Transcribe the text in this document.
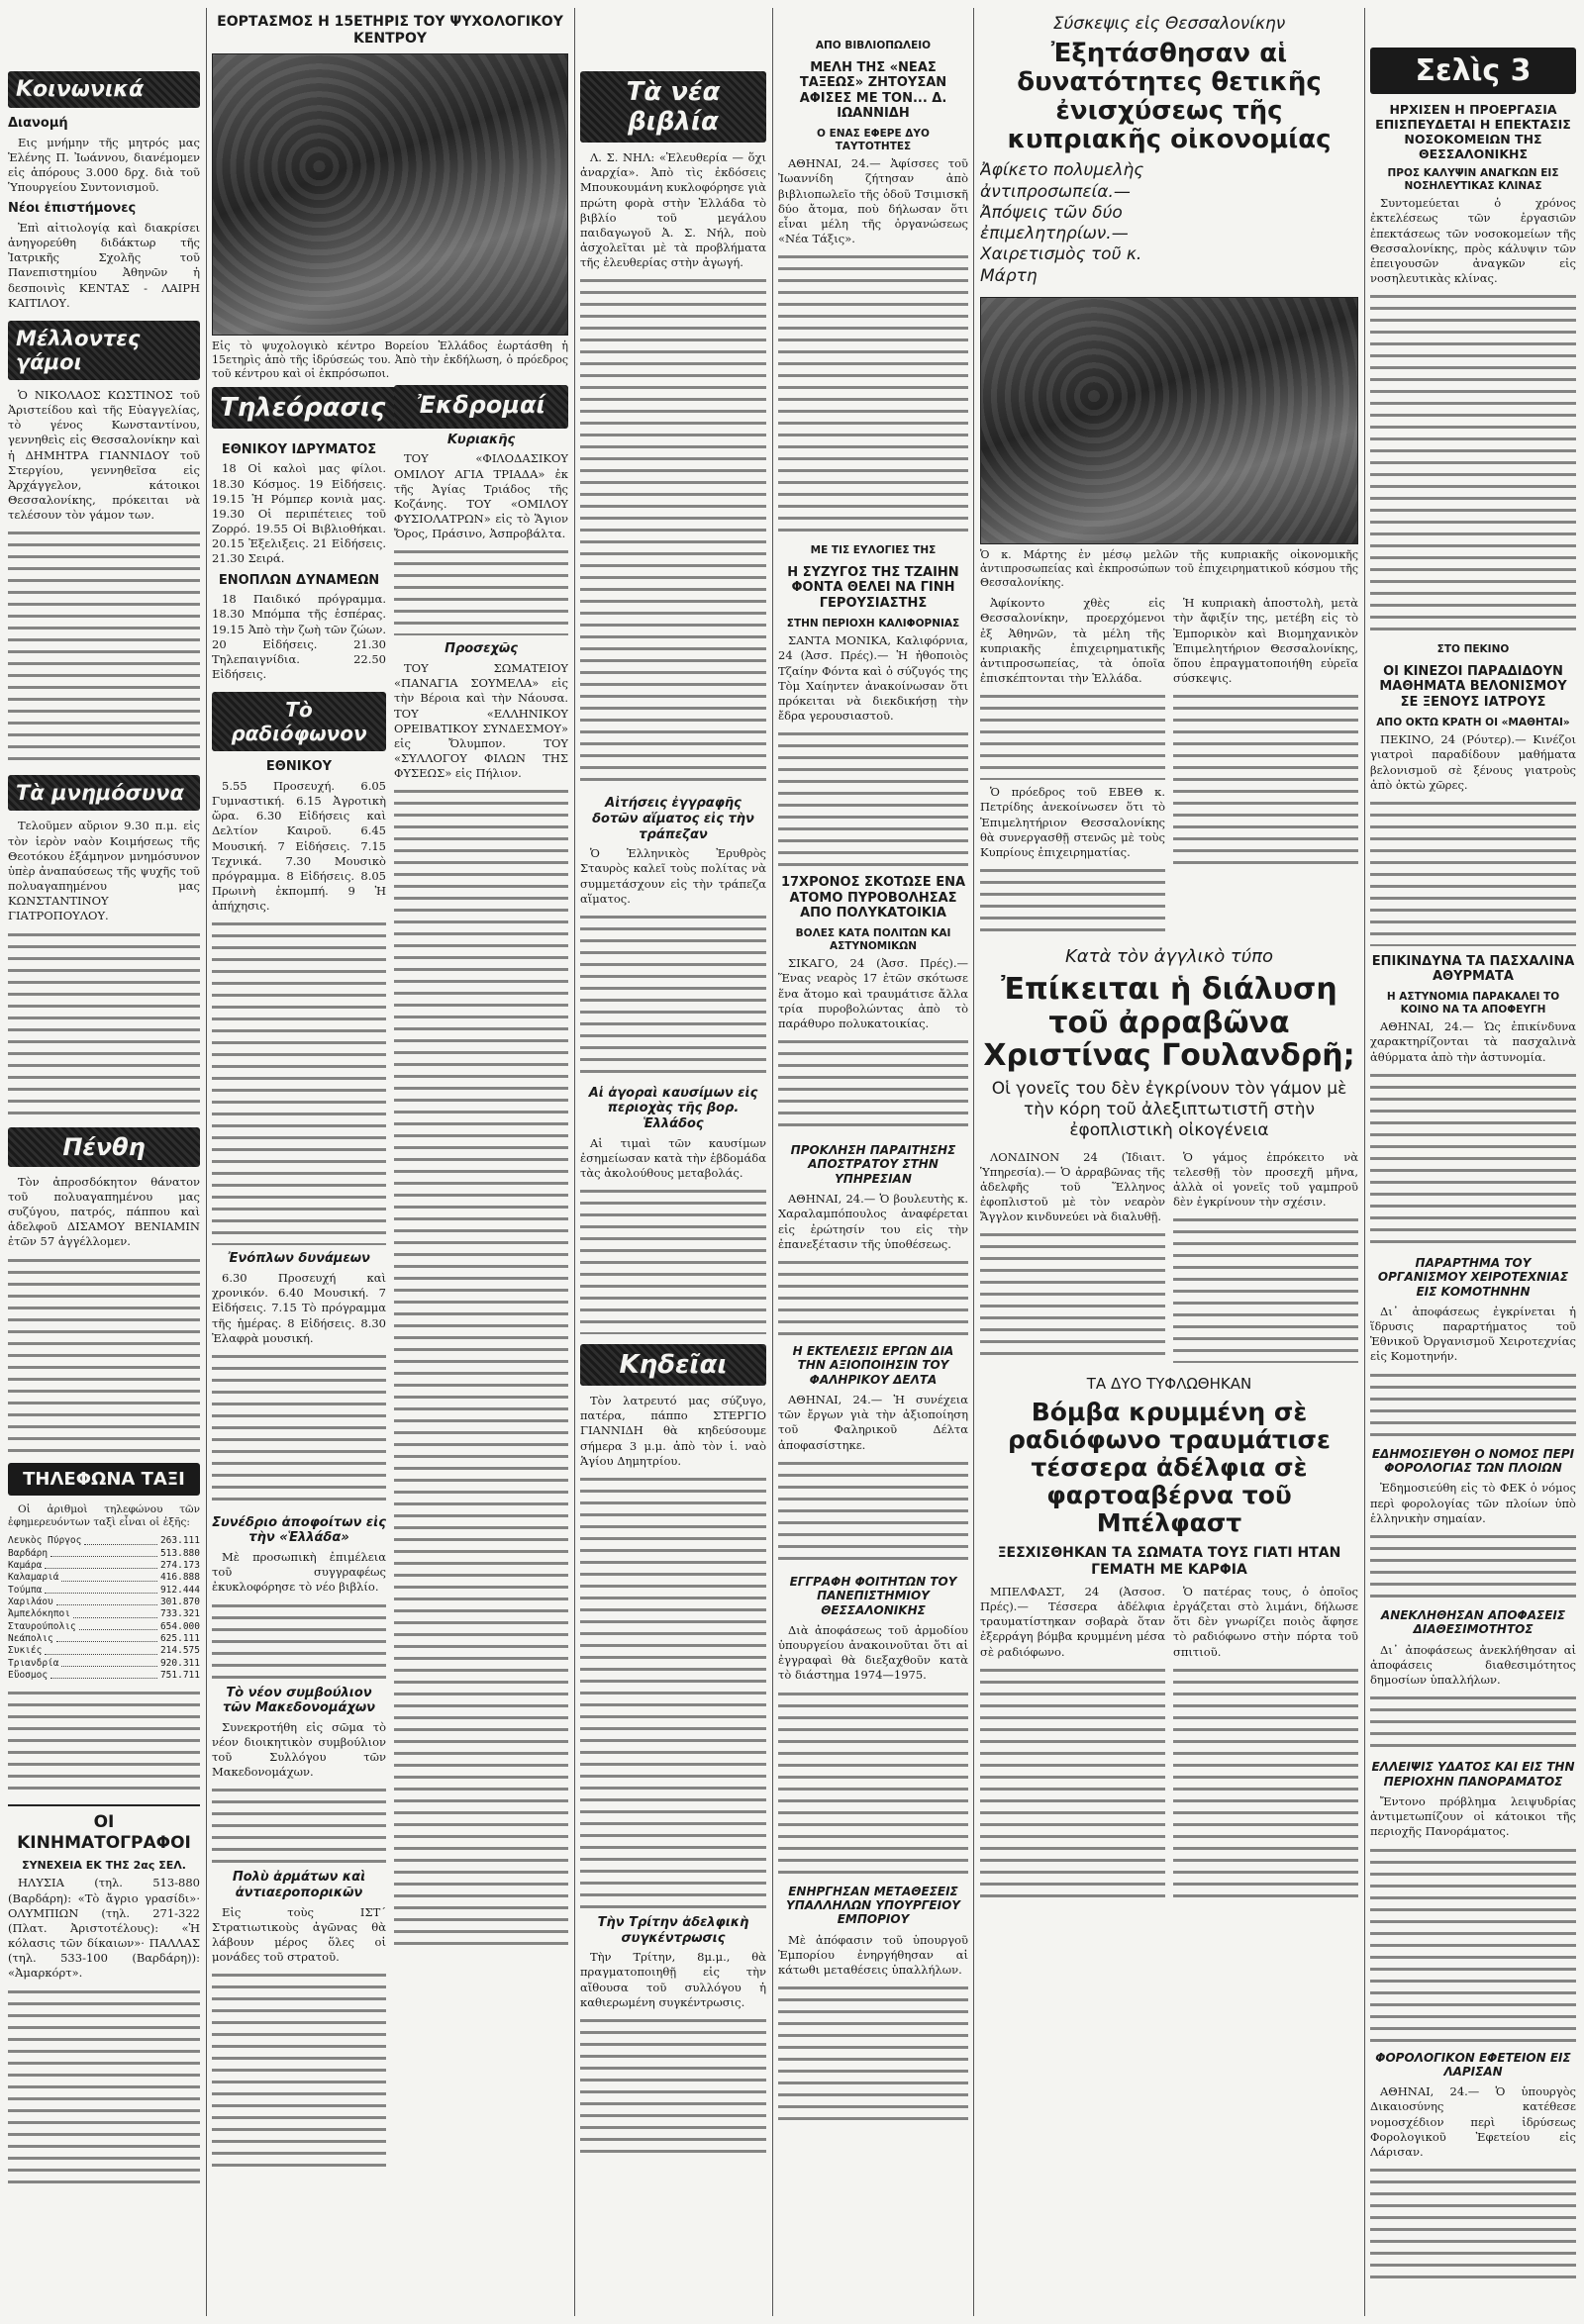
Κοινωνικά
Διανομή
Εις μνήμην τῆς μητρός μας Ἑλένης Π. Ἰωάννου, διανέμομεν εἰς ἀπόρους 3.000 δρχ. διὰ τοῦ Ὑπουργείου Συντονισμοῦ.
Νέοι ἐπιστήμονες
Ἐπὶ αἰτιολογίᾳ καὶ διακρίσει ἀνηγορεύθη διδάκτωρ τῆς Ἰατρικῆς Σχολῆς τοῦ Πανεπιστημίου Ἀθηνῶν ἡ δεσποινὶς ΚΕΝΤΑΣ - ΛΑΙΡΗ ΚΑΙΤΙΛΟΥ.
Μέλλοντες γάμοι
Ὁ ΝΙΚΟΛΑΟΣ ΚΩΣΤΙΝΟΣ τοῦ Ἀριστείδου καὶ τῆς Εὐαγγελίας, τὸ γένος Κωνσταντίνου, γεννηθεὶς εἰς Θεσσαλονίκην καὶ ἡ ΔΗΜΗΤΡΑ ΓΙΑΝΝΙΔΟΥ τοῦ Στεργίου, γεννηθεῖσα εἰς Ἀρχάγγελον, κάτοικοι Θεσσαλονίκης, πρόκειται νὰ τελέσουν τὸν γάμον των.
Τὰ μνημόσυνα
Τελοῦμεν αὔριον 9.30 π.μ. εἰς τὸν ἱερὸν ναὸν Κοιμήσεως τῆς Θεοτόκου ἑξάμηνον μνημόσυνον ὑπὲρ ἀναπαύσεως τῆς ψυχῆς τοῦ πολυαγαπημένου μας ΚΩΝΣΤΑΝΤΙΝΟΥ ΓΙΑΤΡΟΠΟΥΛΟΥ.
Πένθη
Τὸν ἀπροσδόκητον θάνατον τοῦ πολυαγαπημένου μας συζύγου, πατρός, πάππου καὶ ἀδελφοῦ ΔΙΣΑΜΟΥ ΒΕΝΙΑΜΙΝ ἐτῶν 57 ἀγγέλλομεν.
ΤΗΛΕΦΩΝΑ ΤΑΞΙ
Οἱ ἀριθμοὶ τηλεφώνου τῶν ἐφημερευόντων ταξὶ εἶναι οἱ ἑξῆς:
Λευκὸς Πύργος	263.111
Βαρδάρη	513.880
Καμάρα	274.173
Καλαμαριά	416.888
Τούμπα	912.444
Χαριλάου	301.870
Ἀμπελόκηποι	733.321
Σταυρούπολις	654.000
Νεάπολις	625.111
Συκιές	214.575
Τριανδρία	920.311
Εὔοσμος	751.711
ΟΙ ΚΙΝΗΜΑΤΟΓΡΑΦΟΙ
ΣΥΝΕΧΕΙΑ ΕΚ ΤΗΣ 2ας ΣΕΛ.
ΗΛΥΣΙΑ (τηλ. 513-880 (Βαρδάρη): «Τὸ ἄγριο γρασίδι»· ΟΛΥΜΠΙΩΝ (τηλ. 271-322 (Πλατ. Ἀριστοτέλους): «Ἡ κόλασις τῶν δίκαιων»· ΠΑΛΛΑΣ (τηλ. 533-100 (Βαρδάρη)): «Ἀμαρκόρτ».
ΕΟΡΤΑΣΜΟΣ Η 15ΕΤΗΡΙΣ ΤΟΥ ΨΥΧΟΛΟΓΙΚΟΥ ΚΕΝΤΡΟΥ
Εἰς τὸ ψυχολογικὸ κέντρο Βορείου Ἑλλάδος ἑωρτάσθη ἡ 15ετηρὶς ἀπὸ τῆς ἱδρύσεώς του. Ἀπὸ τὴν ἐκδήλωση, ὁ πρόεδρος τοῦ κέντρου καὶ οἱ ἐκπρόσωποι.
Τηλεόρασις
ΕΘΝΙΚΟΥ ΙΔΡΥΜΑΤΟΣ
18 Οἱ καλοὶ μας φίλοι. 18.30 Κόσμος. 19 Εἰδήσεις. 19.15 Ἡ Ρόμπερ κονιὰ μας. 19.30 Οἱ περιπέτειες τοῦ Ζορρό. 19.55 Οἱ Βιβλιοθήκαι. 20.15 Ἐξελιξεις. 21 Εἰδήσεις. 21.30 Σειρά.
ΕΝΟΠΛΩΝ ΔΥΝΑΜΕΩΝ
18 Παιδικό πρόγραμμα. 18.30 Μπόμπα τῆς ἑσπέρας. 19.15 Ἀπὸ τὴν ζωὴ τῶν ζώων. 20 Εἰδήσεις. 21.30 Τηλεπαιγνίδια. 22.50 Εἰδήσεις.
Τὸ ραδιόφωνον
ΕΘΝΙΚΟΥ
5.55 Προσευχή. 6.05 Γυμναστική. 6.15 Ἀγροτικὴ ὥρα. 6.30 Εἰδήσεις καὶ Δελτίον Καιροῦ. 6.45 Μουσική. 7 Εἰδήσεις. 7.15 Τεχνικά. 7.30 Μουσικὸ πρόγραμμα. 8 Εἰδήσεις. 8.05 Πρωινὴ ἐκπομπή. 9 Ἡ ἀπήχησις.
Ἐνόπλων δυνάμεων
6.30 Προσευχή καὶ χρονικόν. 6.40 Μουσική. 7 Εἰδήσεις. 7.15 Τὸ πρόγραμμα τῆς ἡμέρας. 8 Εἰδήσεις. 8.30 Ἐλαφρὰ μουσική.
Συνέδριο ἀποφοίτων εἰς τὴν «Ἑλλάδα»
Μὲ προσωπικὴ ἐπιμέλεια τοῦ συγγραφέως ἐκυκλοφόρησε τὸ νέο βιβλίο.
Τὸ νέον συμβούλιον τῶν Μακεδονομάχων
Συνεκροτήθη εἰς σῶμα τὸ νέον διοικητικὸν συμβούλιον τοῦ Συλλόγου τῶν Μακεδονομάχων.
Πολὺ ἀρμάτων καὶ ἀντιαεροπορικῶν
Εἰς τοὺς ΙΣΤ΄ Στρατιωτικοὺς ἀγῶνας θὰ λάβουν μέρος ὅλες οἱ μονάδες τοῦ στρατοῦ.
Ἐκδρομαί
Κυριακῆς
ΤΟΥ «ΦΙΛΟΔΑΣΙΚΟΥ ΟΜΙΛΟΥ ΑΓΙΑ ΤΡΙΑΔΑ» ἐκ τῆς Ἀγίας Τριάδος τῆς Κοζάνης. ΤΟΥ «ΟΜΙΛΟΥ ΦΥΣΙΟΛΑΤΡΩΝ» εἰς τὸ Ἅγιον Ὄρος, Πράσινο, Ἀσπροβάλτα.
Προσεχῶς
ΤΟΥ ΣΩΜΑΤΕΙΟΥ «ΠΑΝΑΓΙΑ ΣΟΥΜΕΛΑ» εἰς τὴν Βέροια καὶ τὴν Νάουσα. ΤΟΥ «ΕΛΛΗΝΙΚΟΥ ΟΡΕΙΒΑΤΙΚΟΥ ΣΥΝΔΕΣΜΟΥ» εἰς Ὄλυμπον. ΤΟΥ «ΣΥΛΛΟΓΟΥ ΦΙΛΩΝ ΤΗΣ ΦΥΣΕΩΣ» εἰς Πήλιον.
Τὰ νέα βιβλία
Λ. Σ. ΝΗΛ: «Ἐλευθερία — ὅχι ἀναρχία». Ἀπὸ τὶς ἐκδόσεις Μπουκουμάνη κυκλοφόρησε γιὰ πρώτη φορὰ στὴν Ἑλλάδα τὸ βιβλίο τοῦ μεγάλου παιδαγωγοῦ Ἀ. Σ. Νήλ, ποὺ ἀσχολεῖται μὲ τὰ προβλήματα τῆς ἐλευθερίας στὴν ἀγωγή.
Αἰτήσεις ἐγγραφῆς δοτῶν αἵματος εἰς τὴν τράπεζαν
Ὁ Ἑλληνικὸς Ἐρυθρὸς Σταυρὸς καλεῖ τοὺς πολίτας νὰ συμμετάσχουν εἰς τὴν τράπεζα αἵματος.
Αἱ ἀγοραὶ καυσίμων εἰς περιοχὰς τῆς βορ. Ἑλλάδος
Αἱ τιμαὶ τῶν καυσίμων ἐσημείωσαν κατὰ τὴν ἑβδομάδα τὰς ἀκολούθους μεταβολάς.
Κηδεῖαι
Τὸν λατρευτό μας σύζυγο, πατέρα, πάππο ΣΤΕΡΓΙΟ ΓΙΑΝΝΙΔΗ θὰ κηδεύσουμε σήμερα 3 μ.μ. ἀπὸ τὸν ἱ. ναὸ Ἁγίου Δημητρίου.
Τὴν Τρίτην ἀδελφικὴ συγκέντρωσις
Τὴν Τρίτην, 8μ.μ., θὰ πραγματοποιηθῇ εἰς τὴν αἴθουσα τοῦ συλλόγου ἡ καθιερωμένη συγκέντρωσις.
ΑΠΟ ΒΙΒΛΙΟΠΩΛΕΙΟ
ΜΕΛΗ ΤΗΣ «ΝΕΑΣ ΤΑΞΕΩΣ» ΖΗΤΟΥΣΑΝ ΑΦΙΣΕΣ ΜΕ ΤΟΝ... Δ. ΙΩΑΝΝΙΔΗ
Ο ΕΝΑΣ ΕΦΕΡΕ ΔΥΟ ΤΑΥΤΟΤΗΤΕΣ
ΑΘΗΝΑΙ, 24.— Ἀφίσσες τοῦ Ἰωαννίδη ζήτησαν ἀπὸ βιβλιοπωλεῖο τῆς ὁδοῦ Τσιμισκῆ δύο ἄτομα, ποὺ δήλωσαν ὅτι εἶναι μέλη τῆς ὀργανώσεως «Νέα Τάξις».
ΜΕ ΤΙΣ ΕΥΛΟΓΙΕΣ ΤΗΣ
Η ΣΥΖΥΓΟΣ ΤΗΣ ΤΖΑΙΗΝ ΦΟΝΤΑ ΘΕΛΕΙ ΝΑ ΓΙΝΗ ΓΕΡΟΥΣΙΑΣΤΗΣ
ΣΤΗΝ ΠΕΡΙΟΧΗ ΚΑΛΙΦΟΡΝΙΑΣ
ΣΑΝΤΑ ΜΟΝΙΚΑ, Καλιφόρνια, 24 (Ἀσσ. Πρές).— Ἡ ἠθοποιὸς Τζαίην Φόντα καὶ ὁ σύζυγός της Τὸμ Χαίηντεν ἀνακοίνωσαν ὅτι πρόκειται νὰ διεκδικήσῃ τὴν ἔδρα γερουσιαστοῦ.
17ΧΡΟΝΟΣ ΣΚΟΤΩΣΕ ΕΝΑ ΑΤΟΜΟ ΠΥΡΟΒΟΛΗΣΑΣ ΑΠΟ ΠΟΛΥΚΑΤΟΙΚΙΑ
ΒΟΛΕΣ ΚΑΤΑ ΠΟΛΙΤΩΝ ΚΑΙ ΑΣΤΥΝΟΜΙΚΩΝ
ΣΙΚΑΓΟ, 24 (Ἀσσ. Πρές).— Ἕνας νεαρὸς 17 ἐτῶν σκότωσε ἕνα ἄτομο καὶ τραυμάτισε ἄλλα τρία πυροβολώντας ἀπὸ τὸ παράθυρο πολυκατοικίας.
ΠΡΟΚΛΗΣΗ ΠΑΡΑΙΤΗΣΗΣ ΑΠΟΣΤΡΑΤΟΥ ΣΤΗΝ ΥΠΗΡΕΣΙΑΝ
ΑΘΗΝΑΙ, 24.— Ὁ βουλευτὴς κ. Χαραλαμπόπουλος ἀναφέρεται εἰς ἐρώτησίν του εἰς τὴν ἐπανεξέτασιν τῆς ὑποθέσεως.
Η ΕΚΤΕΛΕΣΙΣ ΕΡΓΩΝ ΔΙΑ ΤΗΝ ΑΞΙΟΠΟΙΗΣΙΝ ΤΟΥ ΦΑΛΗΡΙΚΟΥ ΔΕΛΤΑ
ΑΘΗΝΑΙ, 24.— Ἡ συνέχεια τῶν ἔργων γιὰ τὴν ἀξιοποίηση τοῦ Φαληρικοῦ Δέλτα ἀποφασίστηκε.
ΕΓΓΡΑΦΗ ΦΟΙΤΗΤΩΝ ΤΟΥ ΠΑΝΕΠΙΣΤΗΜΙΟΥ ΘΕΣΣΑΛΟΝΙΚΗΣ
Διὰ ἀποφάσεως τοῦ ἁρμοδίου ὑπουργείου ἀνακοινοῦται ὅτι αἱ ἐγγραφαὶ θὰ διεξαχθοῦν κατὰ τὸ διάστημα 1974—1975.
ΕΝΗΡΓΗΣΑΝ ΜΕΤΑΘΕΣΕΙΣ ΥΠΑΛΛΗΛΩΝ ΥΠΟΥΡΓΕΙΟΥ ΕΜΠΟΡΙΟΥ
Μὲ ἀπόφασιν τοῦ ὑπουργοῦ Ἐμπορίου ἐνηργήθησαν αἱ κάτωθι μεταθέσεις ὑπαλλήλων.
Σύσκεψις εἰς Θεσσαλονίκην
Ἐξητάσθησαν αἱ δυνατότητες θετικῆς ἐνισχύσεως τῆς κυπριακῆς οἰκονομίας
Ἀφίκετο πολυμελὴς ἀντιπροσωπεία.— Ἀπόψεις τῶν δύο ἐπιμελητηρίων.— Χαιρετισμὸς τοῦ κ. Μάρτη
Ὁ κ. Μάρτης ἐν μέσῳ μελῶν τῆς κυπριακῆς οἰκονομικῆς ἀντιπροσωπείας καὶ ἐκπροσώπων τοῦ ἐπιχειρηματικοῦ κόσμου τῆς Θεσσαλονίκης.
Ἀφίκοντο χθὲς εἰς Θεσσαλονίκην, προερχόμενοι ἐξ Ἀθηνῶν, τὰ μέλη τῆς κυπριακῆς ἐπιχειρηματικῆς ἀντιπροσωπείας, τὰ ὁποῖα ἐπισκέπτονται τὴν Ἑλλάδα.
Ὁ πρόεδρος τοῦ ΕΒΕΘ κ. Πετρίδης ἀνεκοίνωσεν ὅτι τὸ Ἐπιμελητήριον Θεσσαλονίκης θὰ συνεργασθῇ στενῶς μὲ τοὺς Κυπρίους ἐπιχειρηματίας.
Ἡ κυπριακὴ ἀποστολὴ, μετὰ τὴν ἄφιξίν της, μετέβη εἰς τὸ Ἐμπορικὸν καὶ Βιομηχανικὸν Ἐπιμελητήριον Θεσσαλονίκης, ὅπου ἐπραγματοποιήθη εὐρεῖα σύσκεψις.
Κατὰ τὸν ἀγγλικὸ τύπο
Ἐπίκειται ἡ διάλυση τοῦ ἀρραβῶνα Χριστίνας Γουλανδρῆ;
Οἱ γονεῖς του δὲν ἐγκρίνουν τὸν γάμον μὲ τὴν κόρη τοῦ ἀλεξιπτωτιστῆ στὴν ἐφοπλιστικὴ οἰκογένεια
ΛΟΝΔΙΝΟΝ 24 (Ἰδιαιτ. Ὑπηρεσία).— Ὁ ἀρραβῶνας τῆς ἀδελφῆς τοῦ Ἕλληνος ἐφοπλιστοῦ μὲ τὸν νεαρὸν Ἄγγλον κινδυνεύει νὰ διαλυθῇ.
Ὁ γάμος ἐπρόκειτο νὰ τελεσθῇ τὸν προσεχῆ μῆνα, ἀλλὰ οἱ γονεῖς τοῦ γαμπροῦ δὲν ἐγκρίνουν τὴν σχέσιν.
ΤΑ ΔΥΟ ΤΥΦΛΩΘΗΚΑΝ
Βόμβα κρυμμένη σὲ ραδιόφωνο τραυμάτισε τέσσερα ἀδέλφια σὲ φαρτοαβέρνα τοῦ Μπέλφαστ
ΞΕΣΧΙΣΘΗΚΑΝ ΤΑ ΣΩΜΑΤΑ ΤΟΥΣ ΓΙΑΤΙ ΗΤΑΝ ΓΕΜΑΤΗ ΜΕ ΚΑΡΦΙΑ
ΜΠΕΛΦΑΣΤ, 24 (Ἀσσοσ. Πρές).— Τέσσερα ἀδέλφια τραυματίστηκαν σοβαρὰ ὅταν ἐξερράγη βόμβα κρυμμένη μέσα σὲ ραδιόφωνο.
Ὁ πατέρας τους, ὁ ὁποῖος ἐργάζεται στὸ λιμάνι, δήλωσε ὅτι δὲν γνωρίζει ποιὸς ἄφησε τὸ ραδιόφωνο στὴν πόρτα τοῦ σπιτιοῦ.
Σελὶς 3
ΗΡΧΙΣΕΝ Η ΠΡΟΕΡΓΑΣΙΑ ΕΠΙΣΠΕΥΔΕΤΑΙ Η ΕΠΕΚΤΑΣΙΣ ΝΟΣΟΚΟΜΕΙΩΝ ΤΗΣ ΘΕΣΣΑΛΟΝΙΚΗΣ
ΠΡΟΣ ΚΑΛΥΨΙΝ ΑΝΑΓΚΩΝ ΕΙΣ ΝΟΣΗΛΕΥΤΙΚΑΣ ΚΛΙΝΑΣ
Συντομεύεται ὁ χρόνος ἐκτελέσεως τῶν ἐργασιῶν ἐπεκτάσεως τῶν νοσοκομείων τῆς Θεσσαλονίκης, πρὸς κάλυψιν τῶν ἐπειγουσῶν ἀναγκῶν εἰς νοσηλευτικὰς κλίνας.
ΣΤΟ ΠΕΚΙΝΟ
ΟΙ ΚΙΝΕΖΟΙ ΠΑΡΑΔΙΔΟΥΝ ΜΑΘΗΜΑΤΑ ΒΕΛΟΝΙΣΜΟΥ ΣΕ ΞΕΝΟΥΣ ΙΑΤΡΟΥΣ
ΑΠΟ ΟΚΤΩ ΚΡΑΤΗ ΟΙ «ΜΑΘΗΤΑΙ»
ΠΕΚΙΝΟ, 24 (Ρόυτερ).— Κινέζοι γιατροὶ παραδίδουν μαθήματα βελονισμοῦ σὲ ξένους γιατροὺς ἀπὸ ὀκτὼ χῶρες.
ΕΠΙΚΙΝΔΥΝΑ ΤΑ ΠΑΣΧΑΛΙΝΑ ΑΘΥΡΜΑΤΑ
Η ΑΣΤΥΝΟΜΙΑ ΠΑΡΑΚΑΛΕΙ ΤΟ ΚΟΙΝΟ ΝΑ ΤΑ ΑΠΟΦΕΥΓΗ
ΑΘΗΝΑΙ, 24.— Ὡς ἐπικίνδυνα χαρακτηρίζονται τὰ πασχαλινὰ ἀθύρματα ἀπὸ τὴν ἀστυνομία.
ΠΑΡΑΡΤΗΜΑ ΤΟΥ ΟΡΓΑΝΙΣΜΟΥ ΧΕΙΡΟΤΕΧΝΙΑΣ ΕΙΣ ΚΟΜΟΤΗΝΗΝ
Δι᾽ ἀποφάσεως ἐγκρίνεται ἡ ἵδρυσις παραρτήματος τοῦ Ἑθνικοῦ Ὀργανισμοῦ Χειροτεχνίας εἰς Κομοτηνήν.
ΕΔΗΜΟΣΙΕΥΘΗ Ο ΝΟΜΟΣ ΠΕΡΙ ΦΟΡΟΛΟΓΙΑΣ ΤΩΝ ΠΛΟΙΩΝ
Ἐδημοσιεύθη εἰς τὸ ΦΕΚ ὁ νόμος περὶ φορολογίας τῶν πλοίων ὑπὸ ἑλληνικὴν σημαίαν.
ΑΝΕΚΛΗΘΗΣΑΝ ΑΠΟΦΑΣΕΙΣ ΔΙΑΘΕΣΙΜΟΤΗΤΟΣ
Δι᾽ ἀποφάσεως ἀνεκλήθησαν αἱ ἀποφάσεις διαθεσιμότητος δημοσίων ὑπαλλήλων.
ΕΛΛΕΙΨΙΣ ΥΔΑΤΟΣ ΚΑΙ ΕΙΣ ΤΗΝ ΠΕΡΙΟΧΗΝ ΠΑΝΟΡΑΜΑΤΟΣ
Ἔντονο πρόβλημα λειψυδρίας ἀντιμετωπίζουν οἱ κάτοικοι τῆς περιοχῆς Πανοράματος.
ΦΟΡΟΛΟΓΙΚΟΝ ΕΦΕΤΕΙΟΝ ΕΙΣ ΛΑΡΙΣΑΝ
ΑΘΗΝΑΙ, 24.— Ὁ ὑπουργὸς Δικαιοσύνης κατέθεσε νομοσχέδιον περὶ ἱδρύσεως Φορολογικοῦ Ἐφετείου εἰς Λάρισαν.
